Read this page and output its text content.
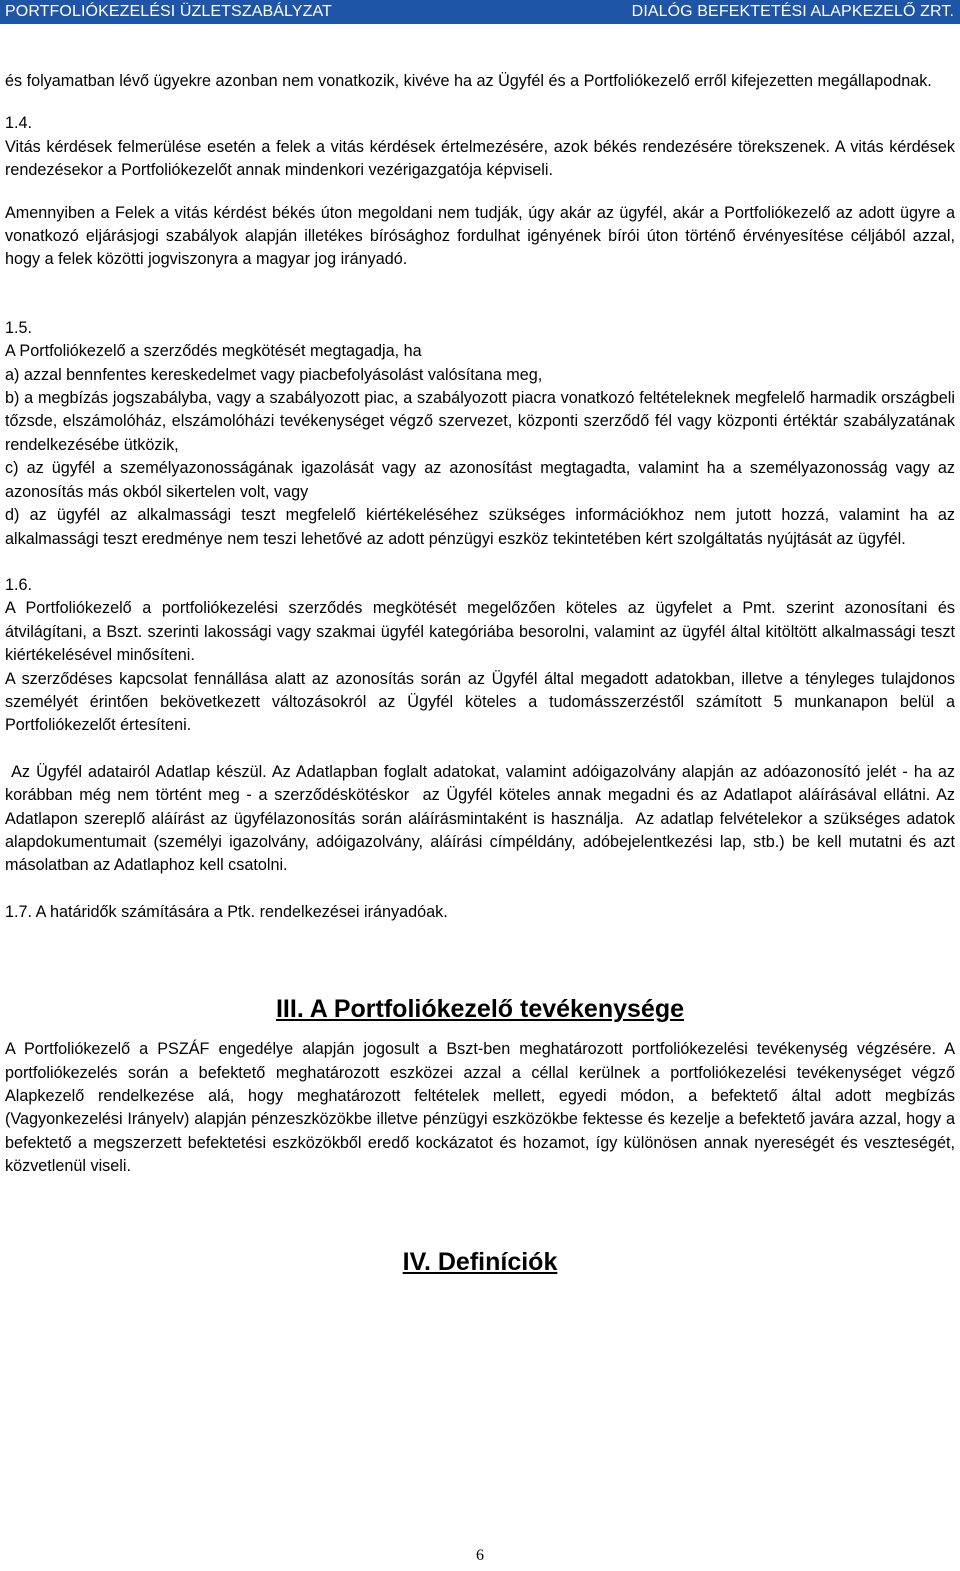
PORTFOLIÓKEZELÉSI ÜZLETSZABÁLYZAT	DIALÓG BEFEKTETÉSI ALAPKEZELŐ ZRT.

és folyamatban lévő ügyekre azonban nem vonatkozik, kivéve ha az Ügyfél és a Portfoliókezelő erről kifejezetten megállapodnak.

1.4.

Vitás kérdések felmerülése esetén a felek a vitás kérdések értelmezésére, azok békés rendezésére törekszenek. A vitás kérdések rendezésekor a Portfoliókezelőt annak mindenkori vezérigazgatója képviseli.

Amennyiben a Felek a vitás kérdést békés úton megoldani nem tudják, úgy akár az ügyfél, akár a Portfoliókezelő az adott ügyre a vonatkozó eljárásjogi szabályok alapján illetékes bírósághoz fordulhat igényének bírói úton történő érvényesítése céljából azzal, hogy a felek közötti jogviszonyra a magyar jog irányadó.

1.5.

A Portfoliókezelő a szerződés megkötését megtagadja, ha

a) azzal bennfentes kereskedelmet vagy piacbefolyásolást valósítana meg,

b) a megbízás jogszabályba, vagy a szabályozott piac, a szabályozott piacra vonatkozó feltételeknek megfelelő harmadik országbeli tőzsde, elszámolóház, elszámolóházi tevékenységet végző szervezet, központi szerződő fél vagy központi értéktár szabályzatának rendelkezésébe ütközik,

c) az ügyfél a személyazonosságának igazolását vagy az azonosítást megtagadta, valamint ha a személyazonosság vagy az azonosítás más okból sikertelen volt, vagy

d) az ügyfél az alkalmassági teszt megfelelő kiértékeléséhez szükséges információkhoz nem jutott hozzá, valamint ha az alkalmassági teszt eredménye nem teszi lehetővé az adott pénzügyi eszköz tekintetében kért szolgáltatás nyújtását az ügyfél.

1.6.

A Portfoliókezelő a portfoliókezelési szerződés megkötését megelőzően köteles az ügyfelet a Pmt. szerint azonosítani és átvilágítani, a Bszt. szerinti lakossági vagy szakmai ügyfél kategóriába besorolni, valamint az ügyfél által kitöltött alkalmassági teszt kiértékelésével minősíteni.

A szerződéses kapcsolat fennállása alatt az azonosítás során az Ügyfél által megadott adatokban, illetve a tényleges tulajdonos személyét érintően bekövetkezett változásokról az Ügyfél köteles a tudomásszerzéstől számított 5 munkanapon belül a Portfoliókezelőt értesíteni.

Az Ügyfél adatairól Adatlap készül. Az Adatlapban foglalt adatokat, valamint adóigazolvány alapján az adóazonosító jelét - ha az korábban még nem történt meg - a szerződéskötéskor  az Ügyfél köteles annak megadni és az Adatlapot aláírásával ellátni. Az Adatlapon szereplő aláírást az ügyfélazonosítás során aláírásmintaként is használja.  Az adatlap felvételekor a szükséges adatok alapdokumentumait (személyi igazolvány, adóigazolvány, aláírási címpéldány, adóbejelentkezési lap, stb.) be kell mutatni és azt másolatban az Adatlaphoz kell csatolni.

1.7. A határidők számítására a Ptk. rendelkezései irányadóak.

III. A Portfoliókezelő tevékenysége

A Portfoliókezelő a PSZÁF engedélye alapján jogosult a Bszt-ben meghatározott portfoliókezelési tevékenység végzésére. A portfoliókezelés során a befektető meghatározott eszközei azzal a céllal kerülnek a portfoliókezelési tevékenységet végző Alapkezelő rendelkezése alá, hogy meghatározott feltételek mellett, egyedi módon, a befektető által adott megbízás (Vagyonkezelési Irányelv) alapján pénzeszközökbe illetve pénzügyi eszközökbe fektesse és kezelje a befektető javára azzal, hogy a befektető a megszerzett befektetési eszközökből eredő kockázatot és hozamot, így különösen annak nyereségét és veszteségét, közvetlenül viseli.

IV. Definíciók
6
